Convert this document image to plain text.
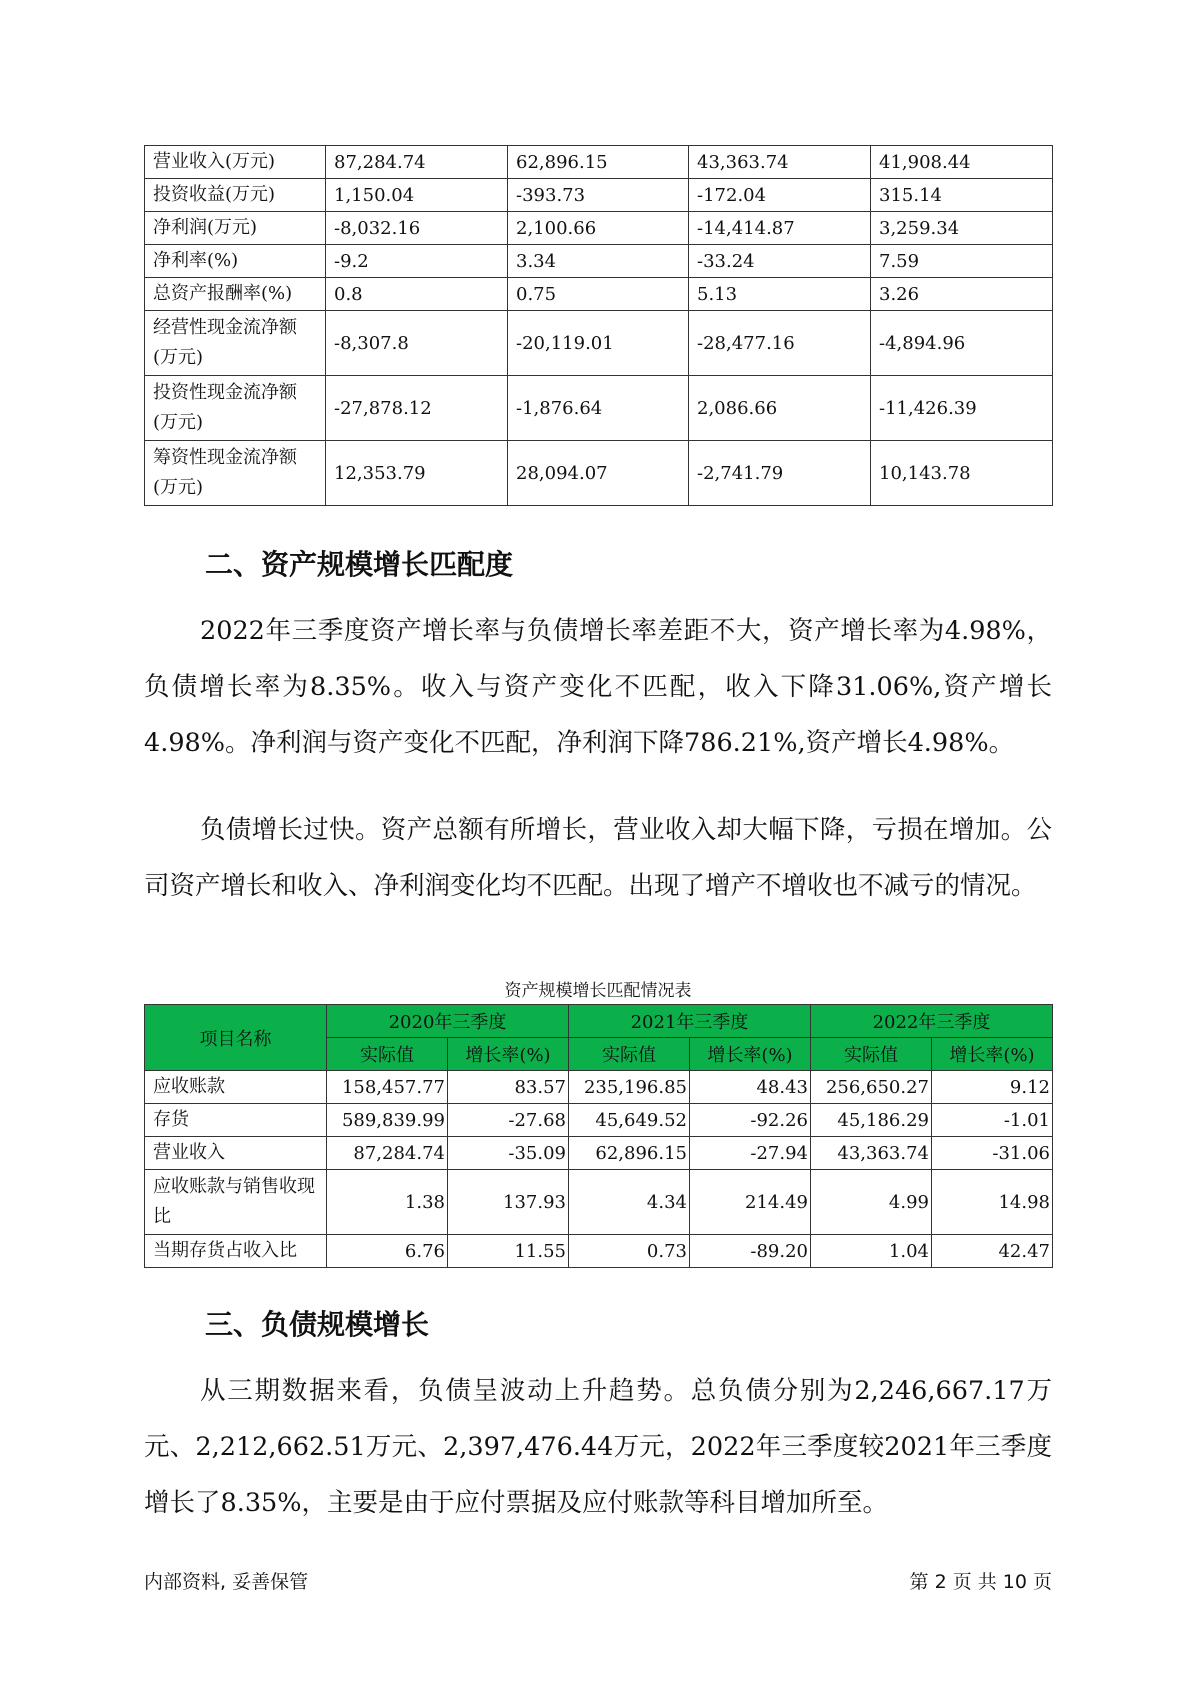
营业收入(万元)	87,284.74	62,896.15	43,363.74	41,908.44
投资收益(万元)	1,150.04	-393.73	-172.04	315.14
净利润(万元)	-8,032.16	2,100.66	-14,414.87	3,259.34
净利率(%)	-9.2	3.34	-33.24	7.59
总资产报酬率(%)	0.8	0.75	5.13	3.26
经营性现金流净额(万元)	-8,307.8	-20,119.01	-28,477.16	-4,894.96
投资性现金流净额(万元)	-27,878.12	-1,876.64	2,086.66	-11,426.39
筹资性现金流净额(万元)	12,353.79	28,094.07	-2,741.79	10,143.78
二、资产规模增长匹配度

2022年三季度资产增长率与负债增长率差距不大，资产增长率为4.98%，负债增长率为8.35%。收入与资产变化不匹配，收入下降31.06%,资产增长4.98%。净利润与资产变化不匹配，净利润下降786.21%,资产增长4.98%。

负债增长过快。资产总额有所增长，营业收入却大幅下降，亏损在增加。公司资产增长和收入、净利润变化均不匹配。出现了增产不增收也不减亏的情况。

资产规模增长匹配情况表

项目名称	2020年三季度		2021年三季度		2022年三季度	
	实际值	增长率(%)	实际值	增长率(%)	实际值	增长率(%)
应收账款	158,457.77	83.57	235,196.85	48.43	256,650.27	9.12
存货	589,839.99	-27.68	45,649.52	-92.26	45,186.29	-1.01
营业收入	87,284.74	-35.09	62,896.15	-27.94	43,363.74	-31.06
应收账款与销售收现比	1.38	137.93	4.34	214.49	4.99	14.98
当期存货占收入比	6.76	11.55	0.73	-89.20	1.04	42.47
三、负债规模增长

从三期数据来看，负债呈波动上升趋势。总负债分别为2,246,667.17万元、2,212,662.51万元、2,397,476.44万元，2022年三季度较2021年三季度增长了8.35%，主要是由于应付票据及应付账款等科目增加所至。

内部资料, 妥善保管	第 2 页 共 10 页
